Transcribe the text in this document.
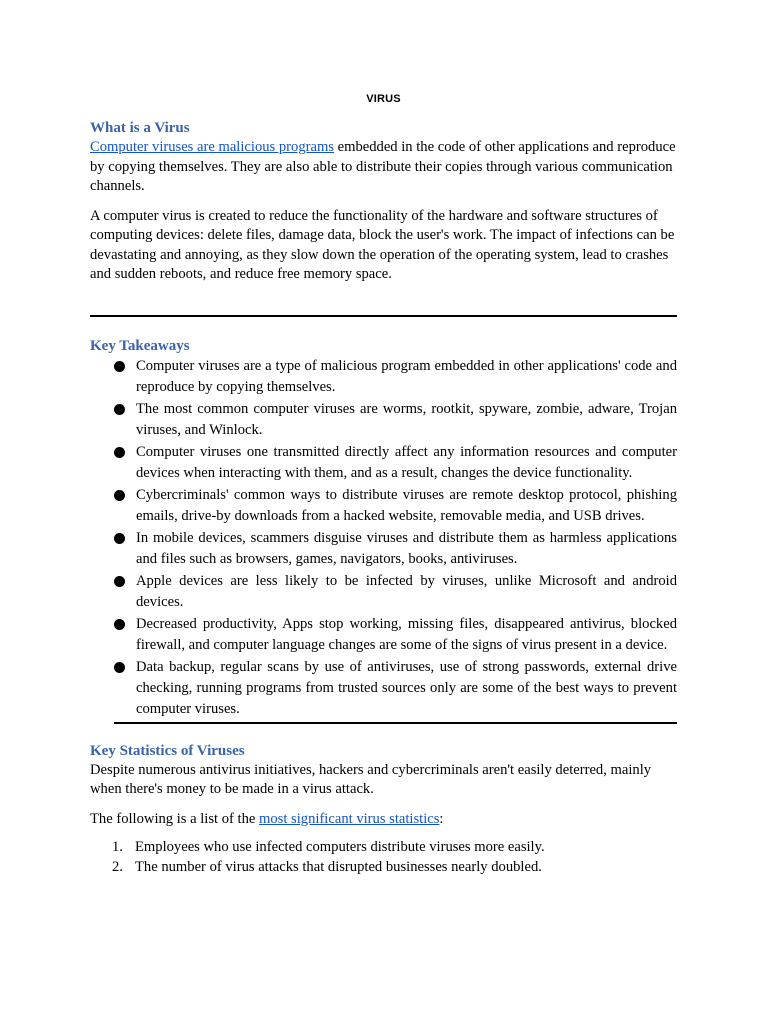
VIRUS
What is a Virus

Computer viruses are malicious programs embedded in the code of other applications and reproduce by copying themselves. They are also able to distribute their copies through various communication channels.

A computer virus is created to reduce the functionality of the hardware and software structures of computing devices: delete files, damage data, block the user's work. The impact of infections can be devastating and annoying, as they slow down the operation of the operating system, lead to crashes and sudden reboots, and reduce free memory space.

Key Takeaways
Computer viruses are a type of malicious program embedded in other applications' code and reproduce by copying themselves.
The most common computer viruses are worms, rootkit, spyware, zombie, adware, Trojan viruses, and Winlock.
Computer viruses one transmitted directly affect any information resources and computer devices when interacting with them, and as a result, changes the device functionality.
Cybercriminals' common ways to distribute viruses are remote desktop protocol, phishing emails, drive-by downloads from a hacked website, removable media, and USB drives.
In mobile devices, scammers disguise viruses and distribute them as harmless applications and files such as browsers, games, navigators, books, antiviruses.
Apple devices are less likely to be infected by viruses, unlike Microsoft and android devices.
Decreased productivity, Apps stop working, missing files, disappeared antivirus, blocked firewall, and computer language changes are some of the signs of virus present in a device.
Data backup, regular scans by use of antiviruses, use of strong passwords, external drive checking, running programs from trusted sources only are some of the best ways to prevent computer viruses.
Key Statistics of Viruses

Despite numerous antivirus initiatives, hackers and cybercriminals aren't easily deterred, mainly when there's money to be made in a virus attack.

The following is a list of the most significant virus statistics:

1. Employees who use infected computers distribute viruses more easily.
2. The number of virus attacks that disrupted businesses nearly doubled.
